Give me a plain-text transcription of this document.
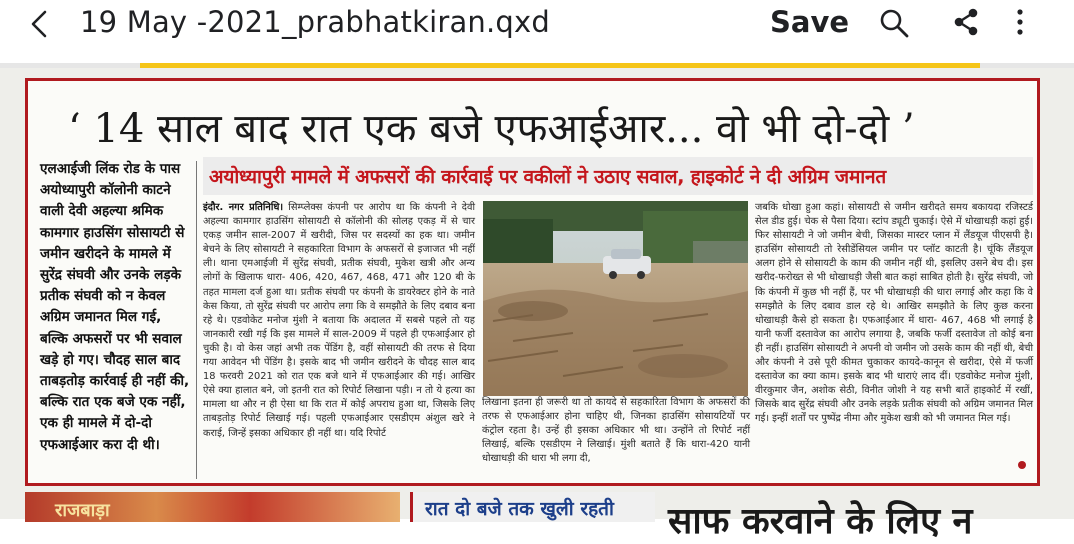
19 May -2021_prabhatkiran.qxd	Save
‘ 14 साल बाद रात एक बजे एफआईआर... वो भी दो-दो ’
एलआईजी लिंक रोड के पास अयोध्यापुरी कॉलोनी काटने वाली देवी अहल्या श्रमिक कामगार हाउसिंग सोसायटी से जमीन खरीदने के मामले में सुरेंद्र संघवी और उनके लड़के प्रतीक संघवी को न केवल अग्रिम जमानत मिल गई, बल्कि अफसरों पर भी सवाल खड़े हो गए। चौदह साल बाद ताबड़तोड़ कार्रवाई ही नहीं की, बल्कि रात एक बजे एक नहीं, एक ही मामले में दो-दो एफआईआर करा दी थी।
अयोध्यापुरी मामले में अफसरों की कार्रवाई पर वकीलों ने उठाए सवाल, हाइकोर्ट ने दी अग्रिम जमानत
इंदौर. नगर प्रतिनिधि। सिम्प्लेक्स कंपनी पर आरोप था कि कंपनी ने देवी अहल्या कामगार हाउसिंग सोसायटी से कॉलोनी की सोलह एकड़ में से चार एकड़ जमीन साल-2007 में खरीदी, जिस पर सदस्यों का हक था। जमीन बेचने के लिए सोसायटी ने सहकारिता विभाग के अफसरों से इजाजत भी नहीं ली। थाना एमआईजी में सुरेंद्र संघवी, प्रतीक संघवी, मुकेश खत्री और अन्य लोगों के खिलाफ धारा- 406, 420, 467, 468, 471 और 120 बी के तहत मामला दर्ज हुआ था। प्रतीक संघवी पर कंपनी के डायरेक्टर होने के नाते केस किया, तो सुरेंद्र संघवी पर आरोप लगा कि वे समझौते के लिए दबाव बना रहे थे। एडवोकेट मनोज मुंशी ने बताया कि अदालत में सबसे पहले तो यह जानकारी रखी गई कि इस मामले में साल-2009 में पहले ही एफआईआर हो चुकी है। वो केस जहां अभी तक पेंडिंग है, वहीं सोसायटी की तरफ से दिया गया आवेदन भी पेंडिंग है। इसके बाद भी जमीन खरीदने के चौदह साल बाद 18 फरवरी 2021 को रात एक बजे थाने में एफआईआर की गई। आखिर ऐसे क्या हालात बने, जो इतनी रात को रिपोर्ट लिखाना पड़ी। न तो ये हत्या का मामला था और न ही ऐसा था कि रात में कोई अपराध हुआ था, जिसके लिए ताबड़तोड़ रिपोर्ट लिखाई गई। पहली एफआईआर एसडीएम अंशुल खरे ने कराई, जिन्हें इसका अधिकार ही नहीं था। यदि रिपोर्ट
लिखाना इतना ही जरूरी था तो कायदे से सहकारिता विभाग के अफसरों की तरफ से एफआईआर होना चाहिए थी, जिनका हाउसिंग सोसायटियों पर कंट्रोल रहता है। उन्हें ही इसका अधिकार भी था। उन्होंने तो रिपोर्ट नहीं लिखाई, बल्कि एसडीएम ने लिखाई। मुंशी बताते हैं कि धारा-420 यानी धोखाधड़ी की धारा भी लगा दी,
जबकि धोखा हुआ कहां। सोसायटी से जमीन खरीदते समय बकायदा रजिस्टर्ड सेल डीड हुई। चेक से पैसा दिया। स्टांप ड्यूटी चुकाई। ऐसे में धोखाधड़ी कहां हुई। फिर सोसायटी ने जो जमीन बेची, जिसका मास्टर प्लान में लैंडयूज पीएसपी है। हाउसिंग सोसायटी तो रेसीडेंसियल जमीन पर प्लॉट काटती है। चूंकि लैंडयूज अलग होने से सोसायटी के काम की जमीन नहीं थी, इसलिए उसने बेच दी। इस खरीद-फरोख्त से भी धोखाधड़ी जैसी बात कहां साबित होती है। सुरेंद्र संघवी, जो कि कंपनी में कुछ भी नहीं हैं, पर भी धोखाधड़ी की धारा लगाई और कहा कि वे समझौते के लिए दबाव डाल रहे थे। आखिर समझौते के लिए कुछ करना धोखाधड़ी कैसे हो सकता है। एफआईआर में धारा- 467, 468 भी लगाई है यानी फर्जी दस्तावेज का आरोप लगाया है, जबकि फर्जी दस्तावेज तो कोई बना ही नहीं। हाउसिंग सोसायटी ने अपनी वो जमीन जो उसके काम की नहीं थी, बेची और कंपनी ने उसे पूरी कीमत चुकाकर कायदे-कानून से खरीदा, ऐसे में फर्जी दस्तावेज का क्या काम। इसके बाद भी धाराएं लाद दीं। एडवोकेट मनोज मुंशी, वीरकुमार जैन, अशोक सेठी, विनीत जोशी ने यह सभी बातें हाइकोर्ट में रखीं, जिसके बाद सुरेंद्र संघवी और उनके लड़के प्रतीक संघवी को अग्रिम जमानत मिल गई। इन्हीं शर्तों पर पुष्पेंद्र नीमा और मुकेश खत्री को भी जमानत मिल गई।
राजबाड़ा	रात दो बजे तक खुली रहती साफ करवाने के लिए न
